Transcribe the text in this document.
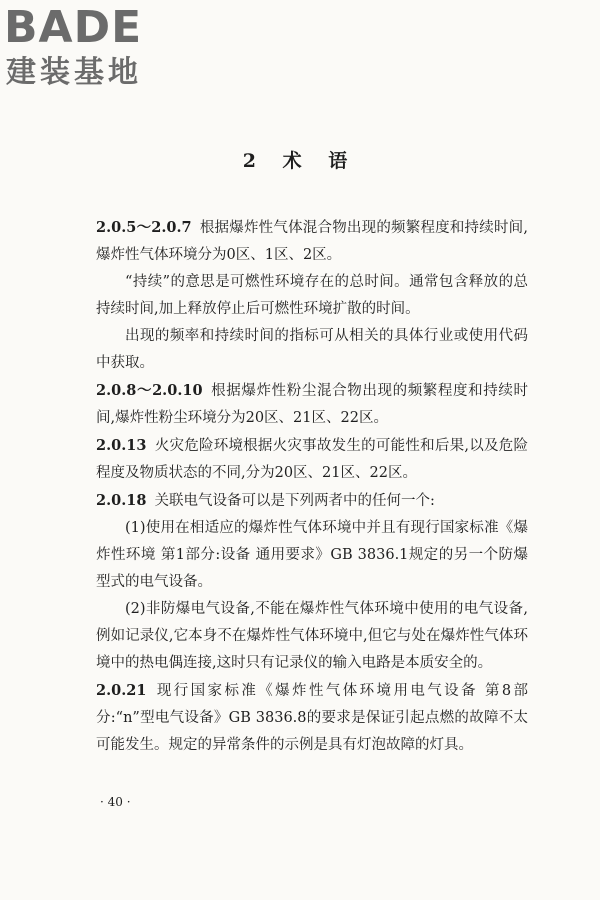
BADE
建装基地
2 术 语

2.0.5～2.0.7 根据爆炸性气体混合物出现的频繁程度和持续时间,爆炸性气体环境分为0区、1区、2区。

“持续”的意思是可燃性环境存在的总时间。通常包含释放的总持续时间,加上释放停止后可燃性环境扩散的时间。

出现的频率和持续时间的指标可从相关的具体行业或使用代码中获取。

2.0.8～2.0.10 根据爆炸性粉尘混合物出现的频繁程度和持续时间,爆炸性粉尘环境分为20区、21区、22区。

2.0.13 火灾危险环境根据火灾事故发生的可能性和后果,以及危险程度及物质状态的不同,分为20区、21区、22区。

2.0.18 关联电气设备可以是下列两者中的任何一个:

(1)使用在相适应的爆炸性气体环境中并且有现行国家标准《爆炸性环境 第1部分:设备 通用要求》GB 3836.1规定的另一个防爆型式的电气设备。

(2)非防爆电气设备,不能在爆炸性气体环境中使用的电气设备,例如记录仪,它本身不在爆炸性气体环境中,但它与处在爆炸性气体环境中的热电偶连接,这时只有记录仪的输入电路是本质安全的。

2.0.21 现行国家标准《爆炸性气体环境用电气设备 第8部分:“n”型电气设备》GB 3836.8的要求是保证引起点燃的故障不太可能发生。规定的异常条件的示例是具有灯泡故障的灯具。

· 40 ·
